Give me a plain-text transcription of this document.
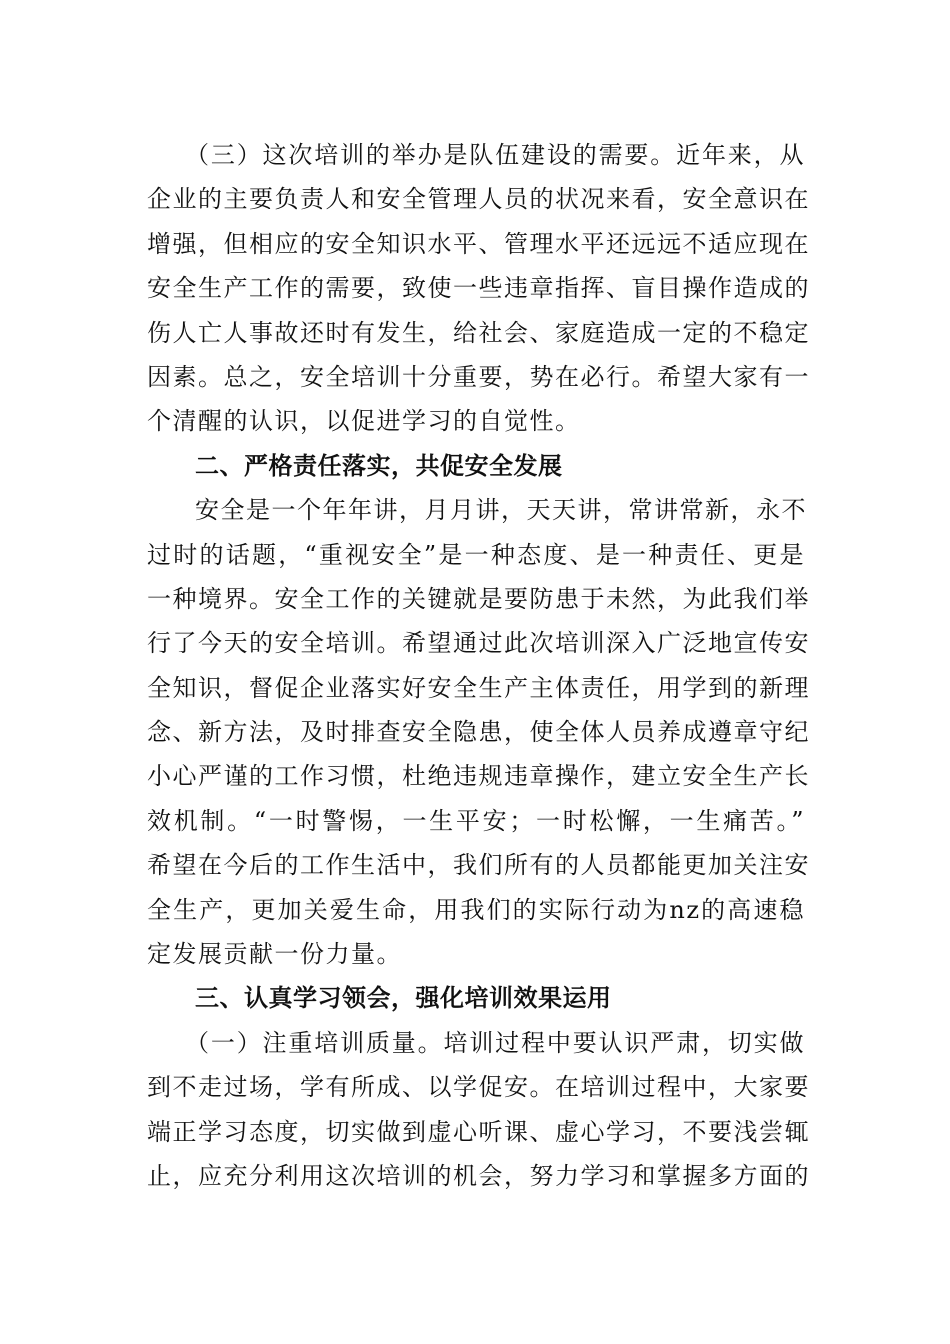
（三）这次培训的举办是队伍建设的需要。近年来，从
企业的主要负责人和安全管理人员的状况来看，安全意识在
增强，但相应的安全知识水平、管理水平还远远不适应现在
安全生产工作的需要，致使一些违章指挥、盲目操作造成的
伤人亡人事故还时有发生，给社会、家庭造成一定的不稳定
因素。总之，安全培训十分重要，势在必行。希望大家有一
个清醒的认识，以促进学习的自觉性。
二、严格责任落实，共促安全发展
安全是一个年年讲，月月讲，天天讲，常讲常新，永不
过时的话题，“重视安全”是一种态度、是一种责任、更是
一种境界。安全工作的关键就是要防患于未然，为此我们举
行了今天的安全培训。希望通过此次培训深入广泛地宣传安
全知识，督促企业落实好安全生产主体责任，用学到的新理
念、新方法，及时排查安全隐患，使全体人员养成遵章守纪
小心严谨的工作习惯，杜绝违规违章操作，建立安全生产长
效机制。“一时警惕，一生平安；一时松懈，一生痛苦。”
希望在今后的工作生活中，我们所有的人员都能更加关注安
全生产，更加关爱生命，用我们的实际行动为nz的高速稳
定发展贡献一份力量。
三、认真学习领会，强化培训效果运用
（一）注重培训质量。培训过程中要认识严肃，切实做
到不走过场，学有所成、以学促安。在培训过程中，大家要
端正学习态度，切实做到虚心听课、虚心学习，不要浅尝辄
止，应充分利用这次培训的机会，努力学习和掌握多方面的
